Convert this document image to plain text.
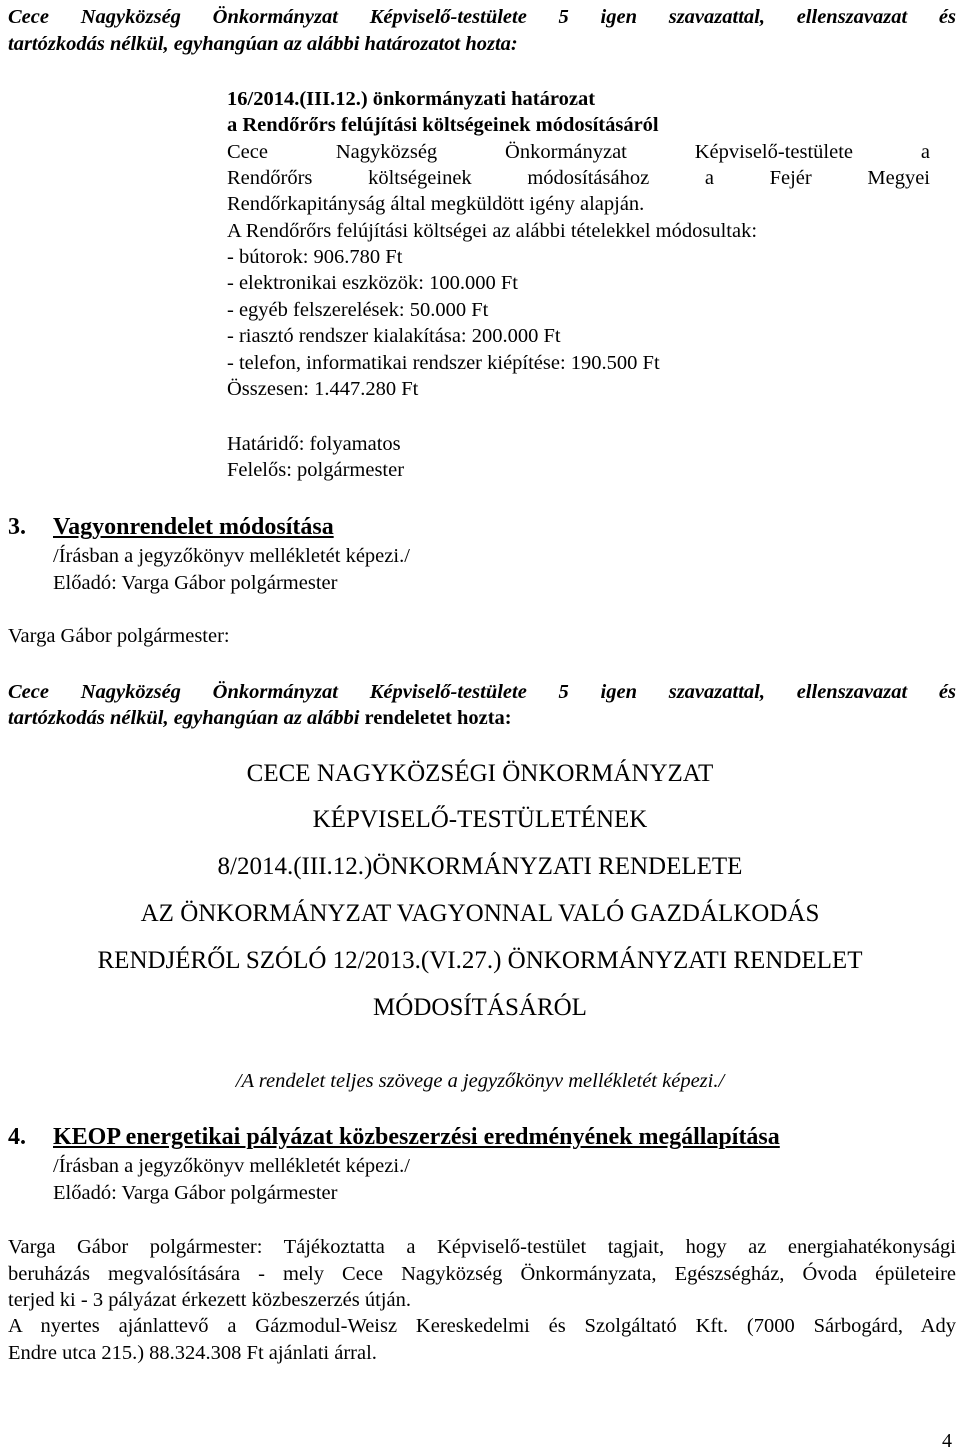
Cece Nagyközség Önkormányzat Képviselő-testülete 5 igen szavazattal, ellenszavazat és
tartózkodás nélkül, egyhangúan az alábbi határozatot hozta:
16/2014.(III.12.) önkormányzati határozat
a Rendőrőrs felújítási költségeinek módosításáról
Cece Nagyközség Önkormányzat Képviselő-testülete a
Rendőrőrs költségeinek módosításához a Fejér Megyei
Rendőrkapitányság által megküldött igény alapján.
A Rendőrőrs felújítási költségei az alábbi tételekkel módosultak:
- bútorok: 906.780 Ft
- elektronikai eszközök: 100.000 Ft
- egyéb felszerelések: 50.000 Ft
- riasztó rendszer kialakítása: 200.000 Ft
- telefon, informatikai rendszer kiépítése: 190.500 Ft
Összesen: 1.447.280 Ft
Határidő: folyamatos
Felelős: polgármester
3. Vagyonrendelet módosítása
/Írásban a jegyzőkönyv mellékletét képezi./
Előadó: Varga Gábor polgármester
Varga Gábor polgármester:
Cece Nagyközség Önkormányzat Képviselő-testülete 5 igen szavazattal, ellenszavazat és
tartózkodás nélkül, egyhangúan az alábbi rendeletet hozta:
CECE NAGYKÖZSÉGI ÖNKORMÁNYZAT
KÉPVISELŐ-TESTÜLETÉNEK
8/2014.(III.12.)ÖNKORMÁNYZATI RENDELETE
AZ ÖNKORMÁNYZAT VAGYONNAL VALÓ GAZDÁLKODÁS
RENDJÉRŐL SZÓLÓ 12/2013.(VI.27.) ÖNKORMÁNYZATI RENDELET
MÓDOSÍTÁSÁRÓL
/A rendelet teljes szövege a jegyzőkönyv mellékletét képezi./
4. KEOP energetikai pályázat közbeszerzési eredményének megállapítása
/Írásban a jegyzőkönyv mellékletét képezi./
Előadó: Varga Gábor polgármester
Varga Gábor polgármester: Tájékoztatta a Képviselő-testület tagjait, hogy az energiahatékonysági
beruházás megvalósítására - mely Cece Nagyközség Önkormányzata, Egészségház, Óvoda épületeire
terjed ki - 3 pályázat érkezett közbeszerzés útján.
A nyertes ajánlattevő a Gázmodul-Weisz Kereskedelmi és Szolgáltató Kft. (7000 Sárbogárd, Ady
Endre utca 215.) 88.324.308 Ft ajánlati árral.
4
